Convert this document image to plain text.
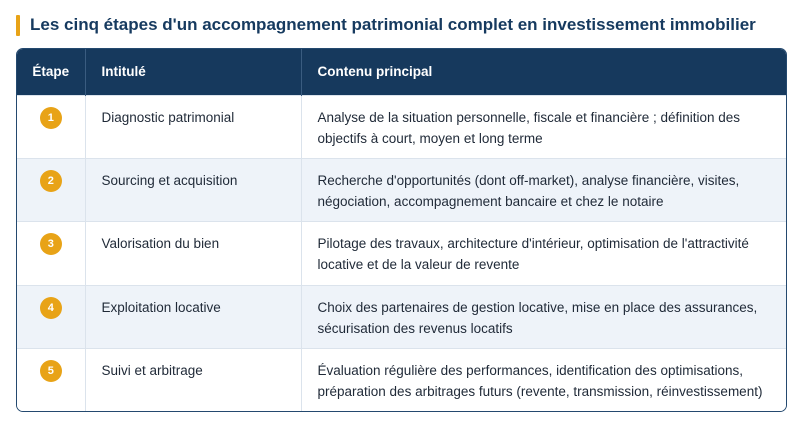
Les cinq étapes d'un accompagnement patrimonial complet en investissement immobilier
Étape	Intitulé	Contenu principal
1	Diagnostic patrimonial	Analyse de la situation personnelle, fiscale et financière ; définition des objectifs à court, moyen et long terme
2	Sourcing et acquisition	Recherche d'opportunités (dont off-market), analyse financière, visites, négociation, accompagnement bancaire et chez le notaire
3	Valorisation du bien	Pilotage des travaux, architecture d'intérieur, optimisation de l'attractivité locative et de la valeur de revente
4	Exploitation locative	Choix des partenaires de gestion locative, mise en place des assurances, sécurisation des revenus locatifs
5	Suivi et arbitrage	Évaluation régulière des performances, identification des optimisations, préparation des arbitrages futurs (revente, transmission, réinvestissement)
